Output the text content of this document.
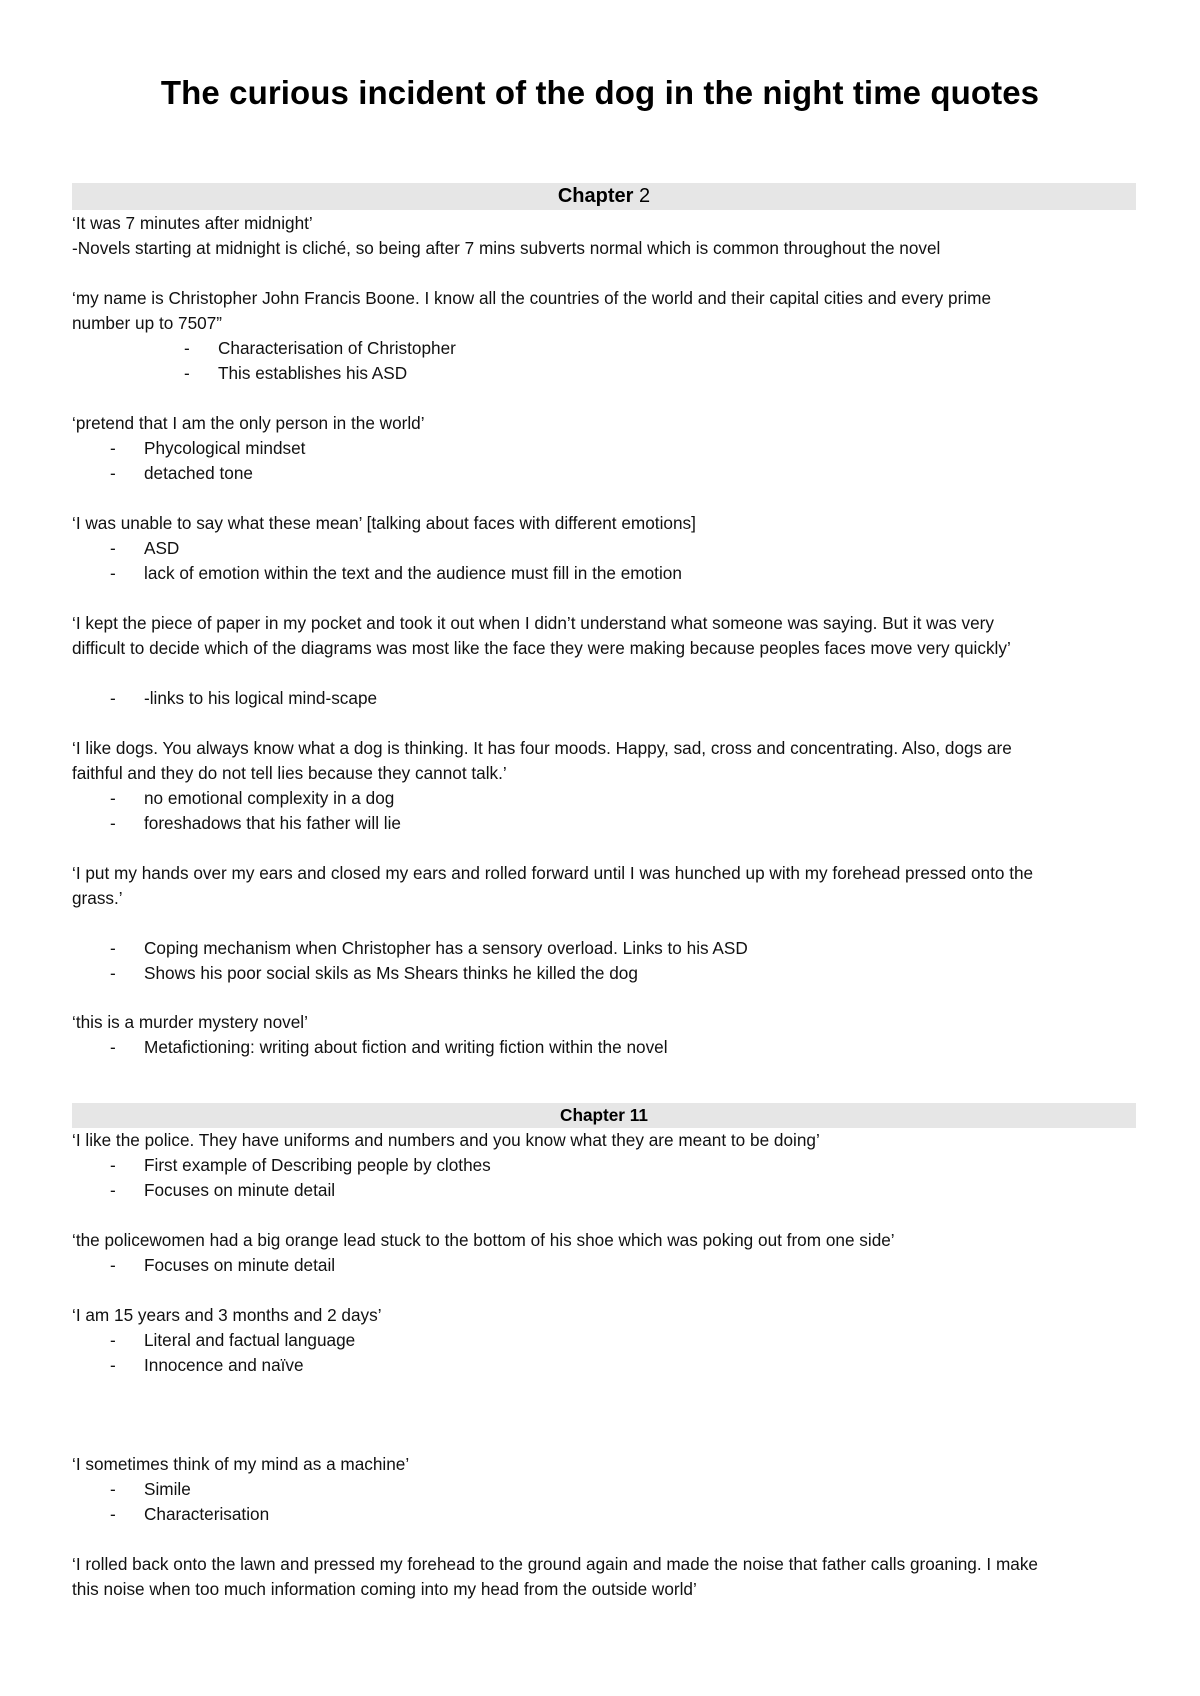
The curious incident of the dog in the night time quotes
Chapter 2
‘It was 7 minutes after midnight’
-Novels starting at midnight is cliché, so being after 7 mins subverts normal which is common throughout the novel
‘my name is Christopher John Francis Boone. I know all the countries of the world and their capital cities and every prime
number up to 7507”
- Characterisation of Christopher
- This establishes his ASD
‘pretend that I am the only person in the world’
- Phycological mindset
- detached tone
‘I was unable to say what these mean’ [talking about faces with different emotions]
- ASD
- lack of emotion within the text and the audience must fill in the emotion
‘I kept the piece of paper in my pocket and took it out when I didn’t understand what someone was saying. But it was very
difficult to decide which of the diagrams was most like the face they were making because peoples faces move very quickly’
- -links to his logical mind-scape
‘I like dogs. You always know what a dog is thinking. It has four moods. Happy, sad, cross and concentrating. Also, dogs are
faithful and they do not tell lies because they cannot talk.’
- no emotional complexity in a dog
- foreshadows that his father will lie
‘I put my hands over my ears and closed my ears and rolled forward until I was hunched up with my forehead pressed onto the
grass.’
- Coping mechanism when Christopher has a sensory overload. Links to his ASD
- Shows his poor social skils as Ms Shears thinks he killed the dog
‘this is a murder mystery novel’
- Metafictioning: writing about fiction and writing fiction within the novel
Chapter 11
‘I like the police. They have uniforms and numbers and you know what they are meant to be doing’
- First example of Describing people by clothes
- Focuses on minute detail
‘the policewomen had a big orange lead stuck to the bottom of his shoe which was poking out from one side’
- Focuses on minute detail
‘I am 15 years and 3 months and 2 days’
- Literal and factual language
- Innocence and naïve
‘I sometimes think of my mind as a machine’
- Simile
- Characterisation
‘I rolled back onto the lawn and pressed my forehead to the ground again and made the noise that father calls groaning. I make
this noise when too much information coming into my head from the outside world’
